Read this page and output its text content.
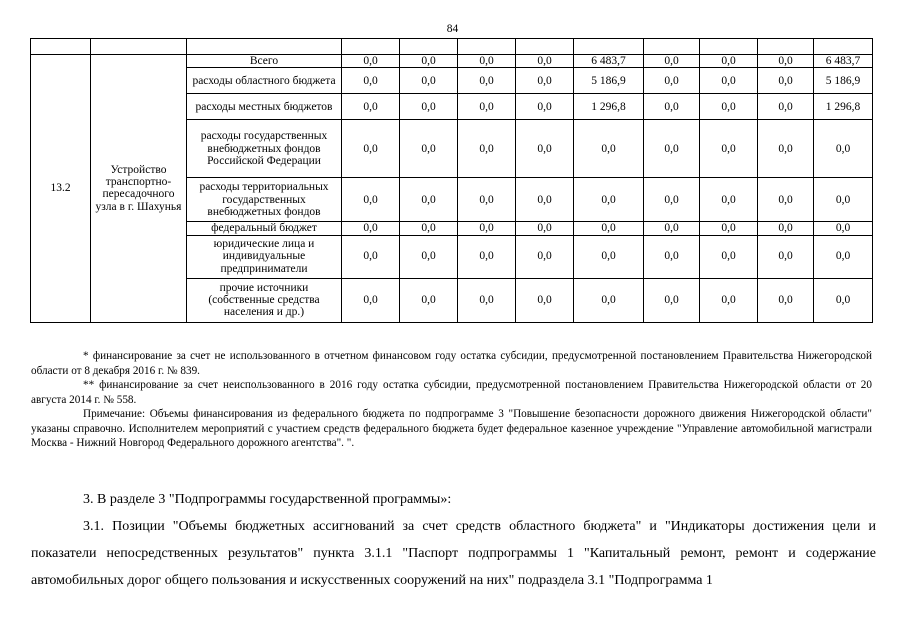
84

13.2	Устройство транспортно-пересадочного узла в г. Шахунья	Всего	0,0	0,0	0,0	0,0	6 483,7	0,0	0,0	0,0	6 483,7
		расходы областного бюджета	0,0	0,0	0,0	0,0	5 186,9	0,0	0,0	0,0	5 186,9
		расходы местных бюджетов	0,0	0,0	0,0	0,0	1 296,8	0,0	0,0	0,0	1 296,8
		расходы государственных внебюджетных фондов Российской Федерации	0,0	0,0	0,0	0,0	0,0	0,0	0,0	0,0	0,0
		расходы территориальных государственных внебюджетных фондов	0,0	0,0	0,0	0,0	0,0	0,0	0,0	0,0	0,0
		федеральный бюджет	0,0	0,0	0,0	0,0	0,0	0,0	0,0	0,0	0,0
		юридические лица и индивидуальные предприниматели	0,0	0,0	0,0	0,0	0,0	0,0	0,0	0,0	0,0
		прочие источники (собственные средства населения и др.)	0,0	0,0	0,0	0,0	0,0	0,0	0,0	0,0	0,0

* финансирование за счет не использованного в отчетном финансовом году остатка субсидии, предусмотренной постановлением Правительства Нижегородской области от 8 декабря 2016 г. № 839.

** финансирование за счет неиспользованного в 2016 году остатка субсидии, предусмотренной постановлением Правительства Нижегородской области от 20 августа 2014 г. № 558.

Примечание: Объемы финансирования из федерального бюджета по подпрограмме 3 "Повышение безопасности дорожного движения Нижегородской области" указаны справочно. Исполнителем мероприятий с участием средств федерального бюджета будет федеральное казенное учреждение "Управление автомобильной магистрали Москва - Нижний Новгород Федерального дорожного агентства". ".

3. В разделе 3 "Подпрограммы государственной программы»:

3.1. Позиции "Объемы бюджетных ассигнований за счет средств областного бюджета" и "Индикаторы достижения цели и показатели непосредственных результатов" пункта 3.1.1 "Паспорт подпрограммы 1 "Капитальный ремонт, ремонт и содержание автомобильных дорог общего пользования и искусственных сооружений на них" подраздела 3.1 "Подпрограмма 1
